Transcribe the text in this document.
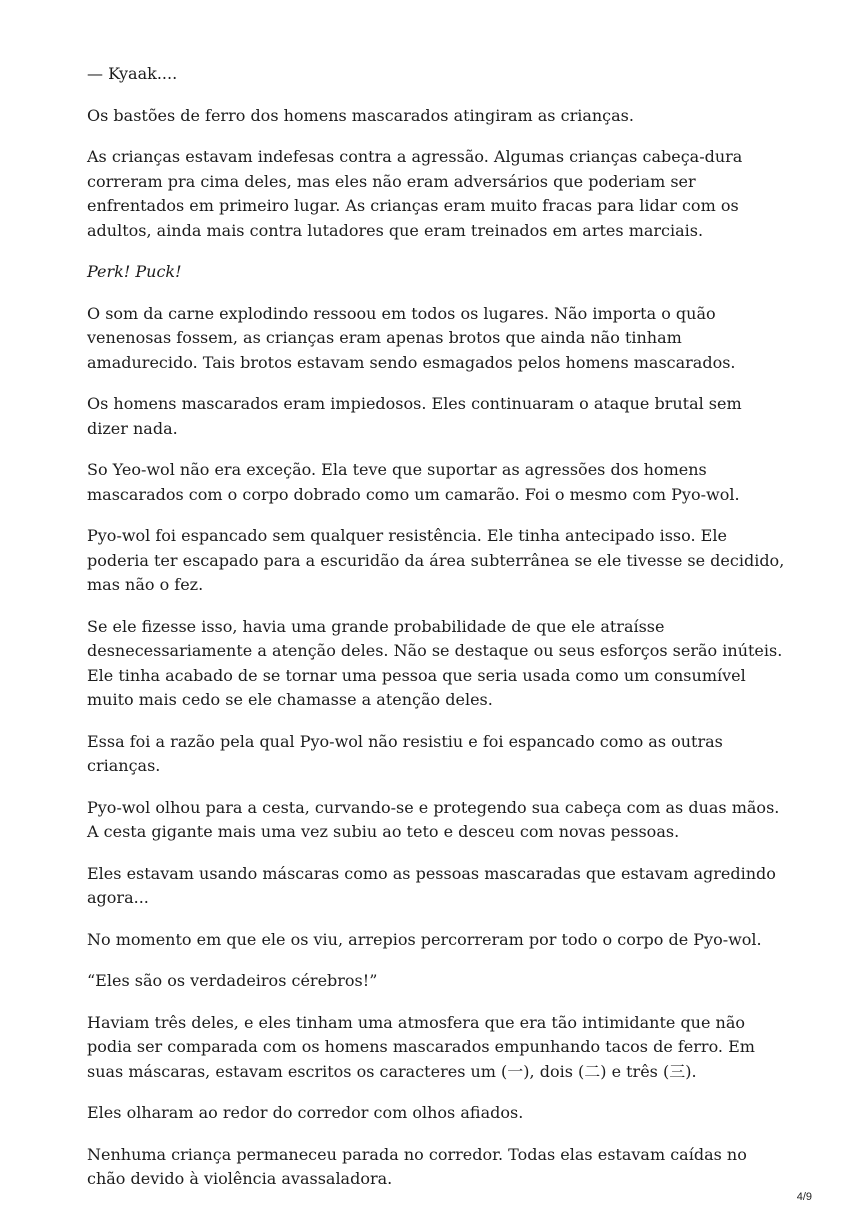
— Kyaak....

Os bastões de ferro dos homens mascarados atingiram as crianças.

As crianças estavam indefesas contra a agressão. Algumas crianças cabeça-dura correram pra cima deles, mas eles não eram adversários que poderiam ser enfrentados em primeiro lugar. As crianças eram muito fracas para lidar com os adultos, ainda mais contra lutadores que eram treinados em artes marciais.

Perk! Puck!

O som da carne explodindo ressoou em todos os lugares. Não importa o quão venenosas fossem, as crianças eram apenas brotos que ainda não tinham amadurecido. Tais brotos estavam sendo esmagados pelos homens mascarados.

Os homens mascarados eram impiedosos. Eles continuaram o ataque brutal sem dizer nada.

So Yeo-wol não era exceção. Ela teve que suportar as agressões dos homens mascarados com o corpo dobrado como um camarão. Foi o mesmo com Pyo-wol.

Pyo-wol foi espancado sem qualquer resistência. Ele tinha antecipado isso. Ele poderia ter escapado para a escuridão da área subterrânea se ele tivesse se decidido, mas não o fez.

Se ele fizesse isso, havia uma grande probabilidade de que ele atraísse desnecessariamente a atenção deles. Não se destaque ou seus esforços serão inúteis. Ele tinha acabado de se tornar uma pessoa que seria usada como um consumível muito mais cedo se ele chamasse a atenção deles.

Essa foi a razão pela qual Pyo-wol não resistiu e foi espancado como as outras crianças.

Pyo-wol olhou para a cesta, curvando-se e protegendo sua cabeça com as duas mãos. A cesta gigante mais uma vez subiu ao teto e desceu com novas pessoas.

Eles estavam usando máscaras como as pessoas mascaradas que estavam agredindo agora...

No momento em que ele os viu, arrepios percorreram por todo o corpo de Pyo-wol.

“Eles são os verdadeiros cérebros!”

Haviam três deles, e eles tinham uma atmosfera que era tão intimidante que não podia ser comparada com os homens mascarados empunhando tacos de ferro. Em suas máscaras, estavam escritos os caracteres um (一), dois (二) e três (三).

Eles olharam ao redor do corredor com olhos afiados.

Nenhuma criança permaneceu parada no corredor. Todas elas estavam caídas no chão devido à violência avassaladora.

4/9
